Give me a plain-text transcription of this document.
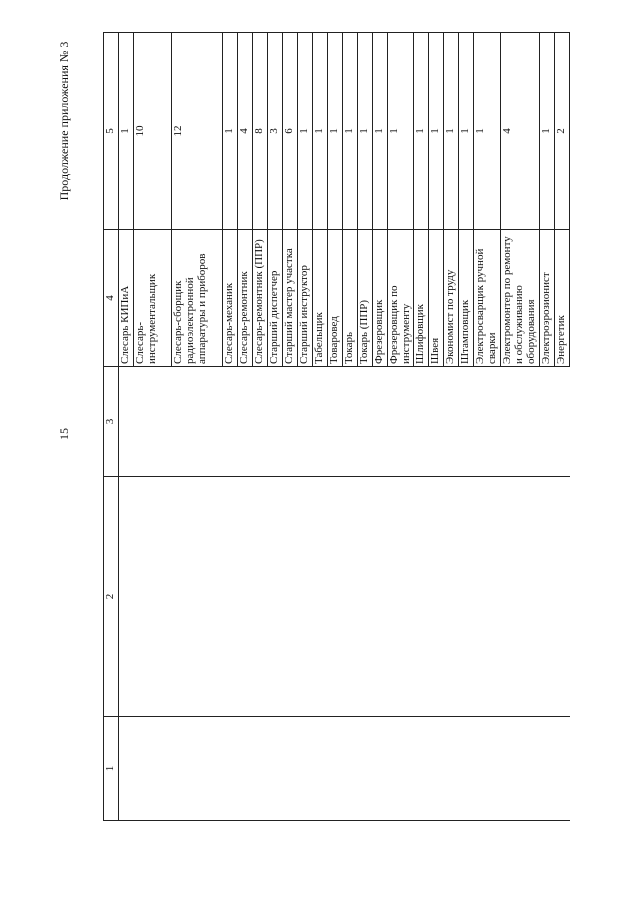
15
Продолжение приложения № 3
1	2	3	4	5
			Слесарь КИПиА	1
			Слесарь-инструментальщик	10
			Слесарь-сборщик радиоэлектронной аппаратуры и приборов	12
			Слесарь-механик	1
			Слесарь-ремонтник	4
			Слесарь-ремонтник (ППР)	8
			Старший диспетчер	3
			Старший мастер участка	6
			Старший инструктор	1
			Табельщик	1
			Товаровед	1
			Токарь	1
			Токарь (ППР)	1
			Фрезеровщик	1
			Фрезеровщик по инструменту	1
			Шлифовщик	1
			Швея	1
			Экономист по труду	1
			Штамповщик	1
			Электросварщик ручной сварки	1
			Электромонтер по ремонту и обслуживанию оборудования	4
			Электроэрозионист	1
			Энергетик	2
